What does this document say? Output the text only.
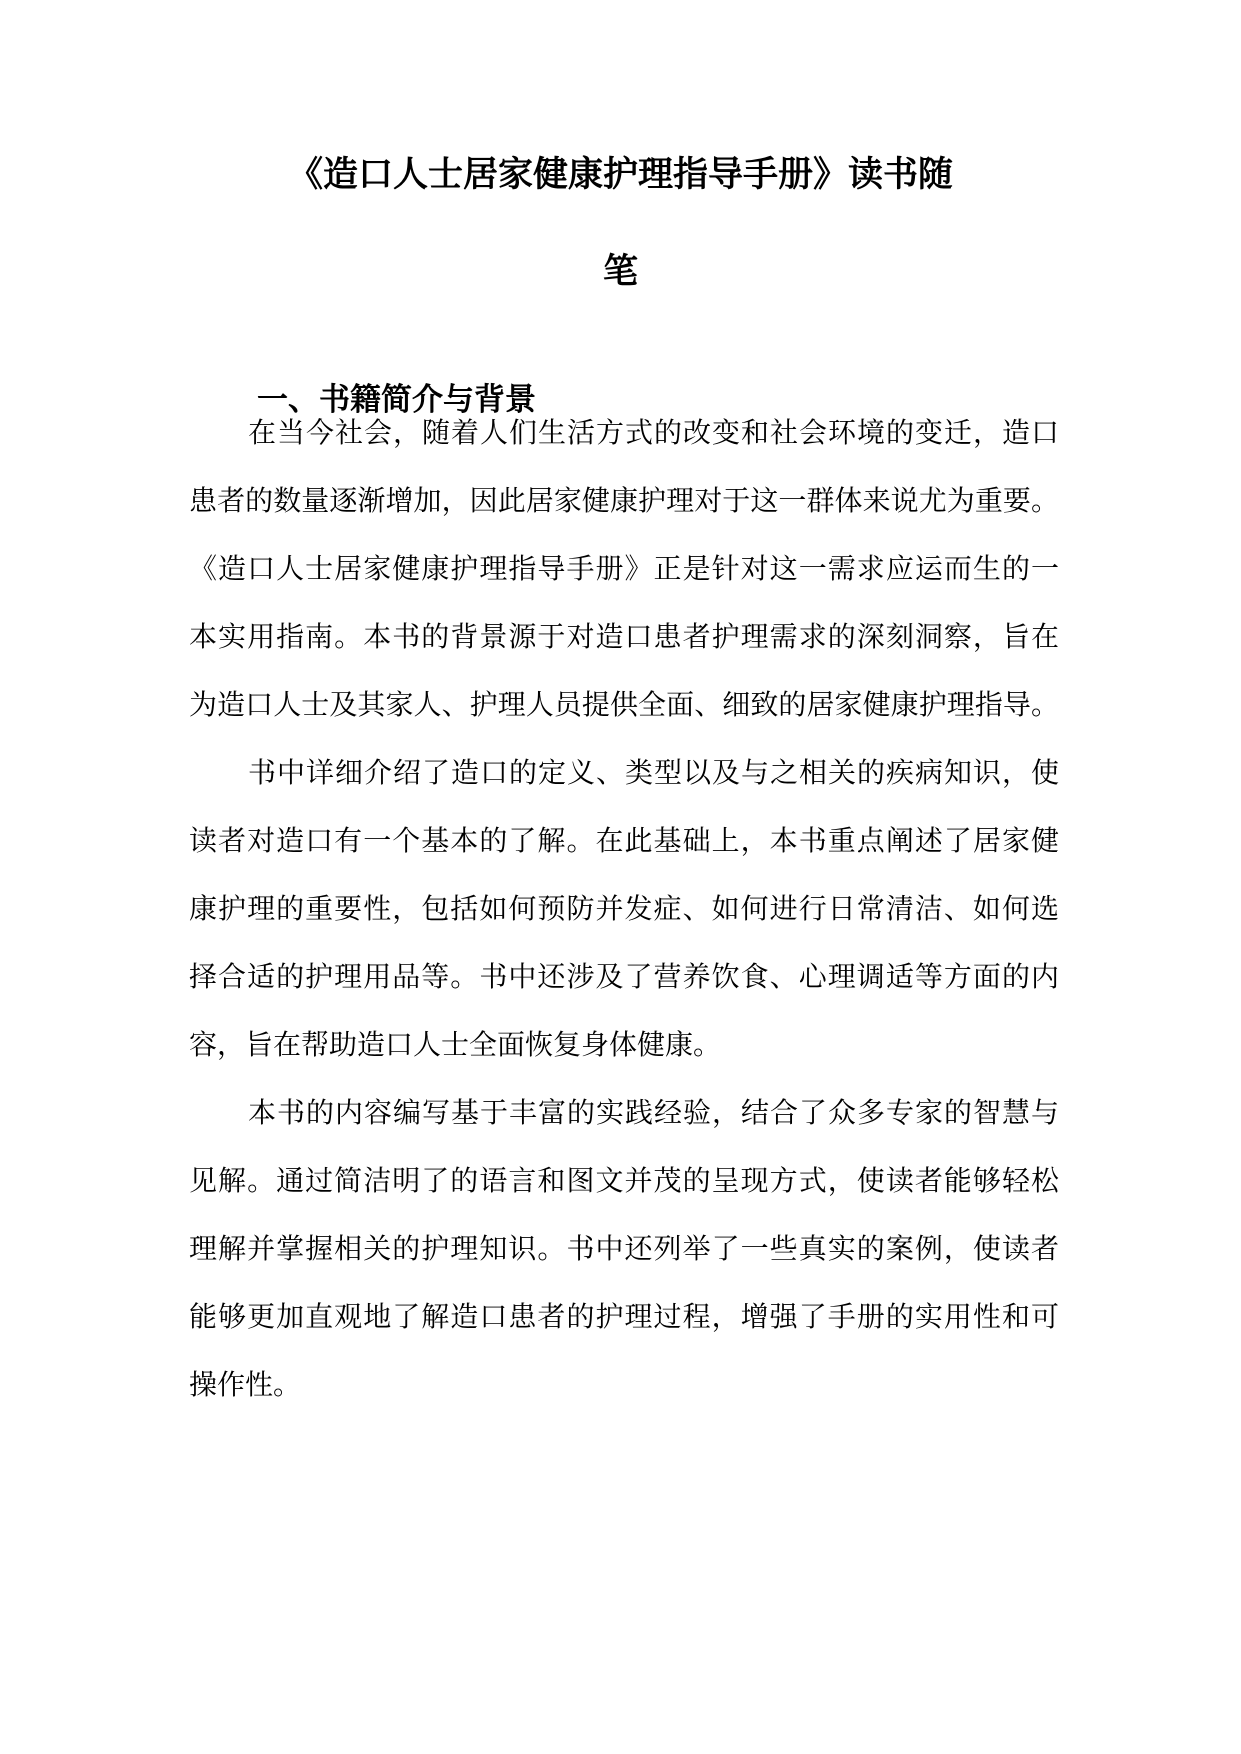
《造口人士居家健康护理指导手册》读书随
笔
一、书籍简介与背景
在当今社会，随着人们生活方式的改变和社会环境的变迁，造口
患者的数量逐渐增加，因此居家健康护理对于这一群体来说尤为重要。
《造口人士居家健康护理指导手册》正是针对这一需求应运而生的一
本实用指南。本书的背景源于对造口患者护理需求的深刻洞察，旨在
为造口人士及其家人、护理人员提供全面、细致的居家健康护理指导。
书中详细介绍了造口的定义、类型以及与之相关的疾病知识，使
读者对造口有一个基本的了解。在此基础上，本书重点阐述了居家健
康护理的重要性，包括如何预防并发症、如何进行日常清洁、如何选
择合适的护理用品等。书中还涉及了营养饮食、心理调适等方面的内
容，旨在帮助造口人士全面恢复身体健康。
本书的内容编写基于丰富的实践经验，结合了众多专家的智慧与
见解。通过简洁明了的语言和图文并茂的呈现方式，使读者能够轻松
理解并掌握相关的护理知识。书中还列举了一些真实的案例，使读者
能够更加直观地了解造口患者的护理过程，增强了手册的实用性和可
操作性。
